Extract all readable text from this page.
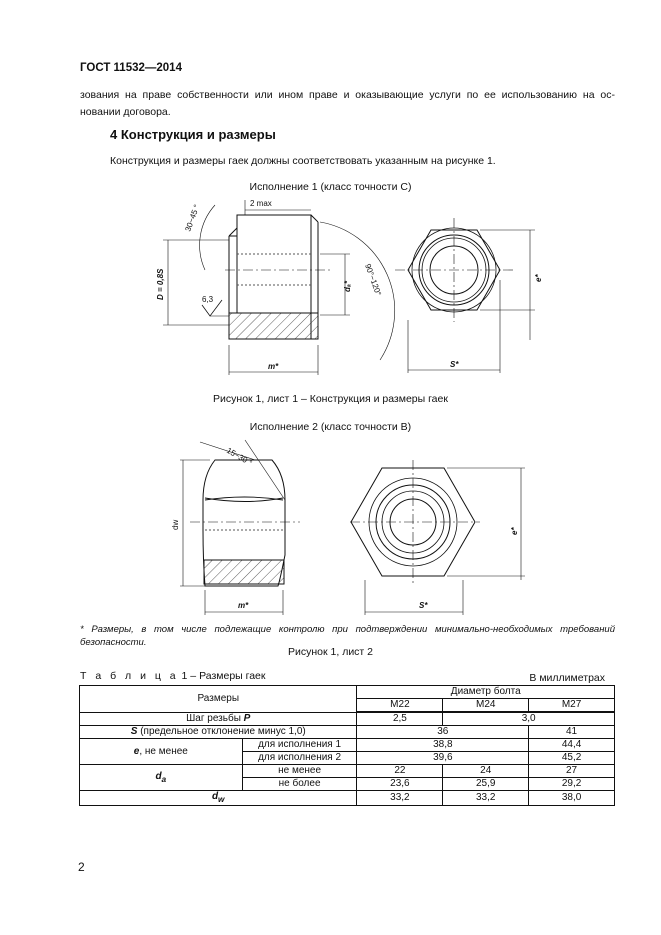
ГОСТ 11532—2014
зования на праве собственности или ином праве и оказывающие услуги по ее использованию на ос- новании договора.
4 Конструкция и размеры
Конструкция и размеры гаек должны соответствовать указанным на рисунке 1.
Исполнение 1 (класс точности C)
30−45 °	2 max
D = 0,8S	6,3
dₐ* 90°−120°
m*	S*
e*
Рисунок 1, лист 1 – Конструкция и размеры гаек
Исполнение 2 (класс точности B)
15−30 °
dw
m*	S*
e*
* Размеры, в том числе подлежащие контролю при подтверждении минимально-необходимых требований безопасности.
Рисунок 1, лист 2
Т а б л и ц а 1 – Размеры гаек	В миллиметрах
Размеры		Диаметр болта		
		M22	M24	M27
Шаг резьбы P		2,5	3,0	
S (предельное отклонение минус 1,0)		36		41
e, не менее	для исполнения 1	38,8		44,4
	для исполнения 2	39,6		45,2
$d_a$	не менее	22	24	27
	не более	23,6	25,9	29,2
$d_w$		33,2	33,2	38,0
2
